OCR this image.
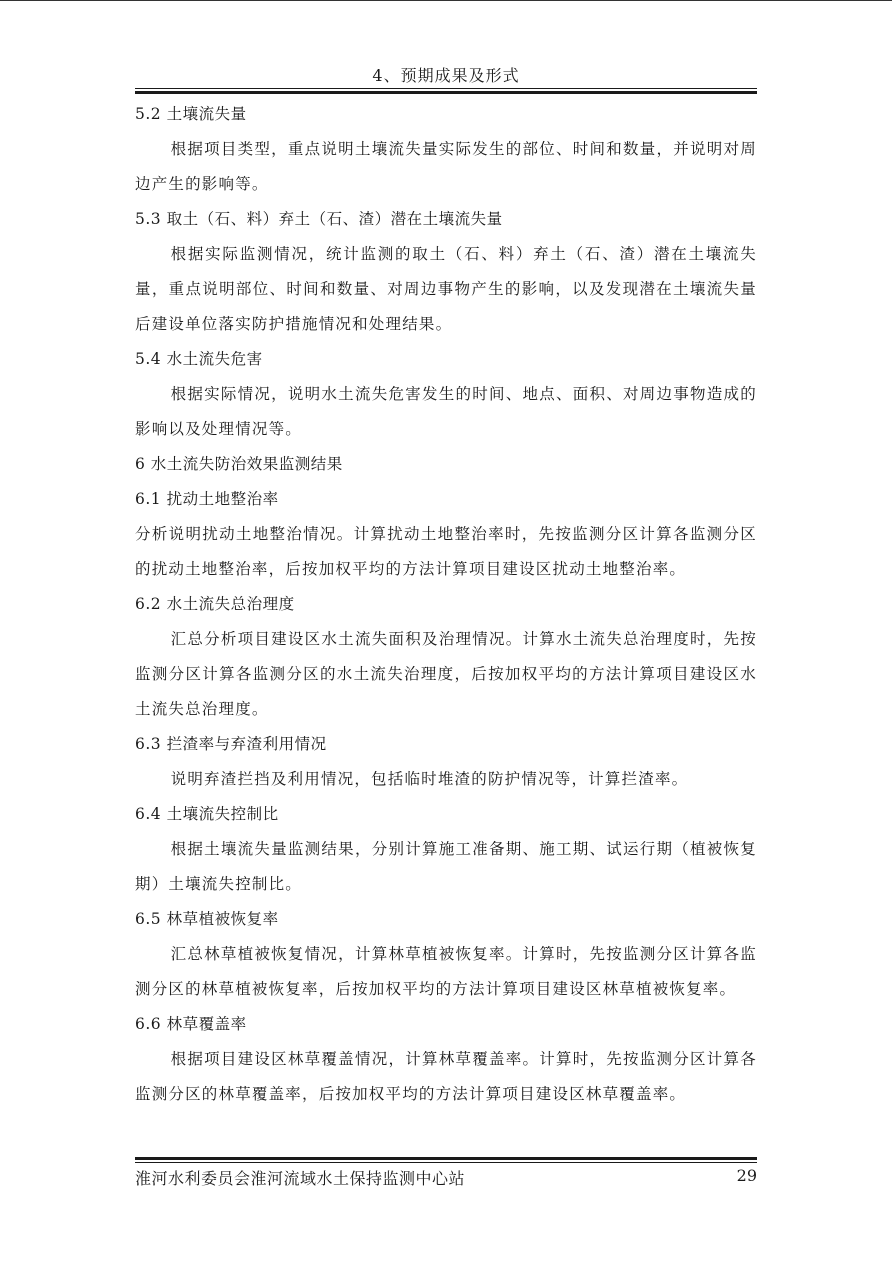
4、预期成果及形式
5.2 土壤流失量
根据项目类型，重点说明土壤流失量实际发生的部位、时间和数量，并说明对周边产生的影响等。
5.3 取土（石、料）弃土（石、渣）潜在土壤流失量
根据实际监测情况，统计监测的取土（石、料）弃土（石、渣）潜在土壤流失量，重点说明部位、时间和数量、对周边事物产生的影响，以及发现潜在土壤流失量后建设单位落实防护措施情况和处理结果。
5.4 水土流失危害
根据实际情况，说明水土流失危害发生的时间、地点、面积、对周边事物造成的影响以及处理情况等。
6 水土流失防治效果监测结果
6.1 扰动土地整治率
分析说明扰动土地整治情况。计算扰动土地整治率时，先按监测分区计算各监测分区的扰动土地整治率，后按加权平均的方法计算项目建设区扰动土地整治率。
6.2 水土流失总治理度
汇总分析项目建设区水土流失面积及治理情况。计算水土流失总治理度时，先按监测分区计算各监测分区的水土流失治理度，后按加权平均的方法计算项目建设区水土流失总治理度。
6.3 拦渣率与弃渣利用情况
说明弃渣拦挡及利用情况，包括临时堆渣的防护情况等，计算拦渣率。
6.4 土壤流失控制比
根据土壤流失量监测结果，分别计算施工准备期、施工期、试运行期（植被恢复期）土壤流失控制比。
6.5 林草植被恢复率
汇总林草植被恢复情况，计算林草植被恢复率。计算时，先按监测分区计算各监测分区的林草植被恢复率，后按加权平均的方法计算项目建设区林草植被恢复率。
6.6 林草覆盖率
根据项目建设区林草覆盖情况，计算林草覆盖率。计算时，先按监测分区计算各监测分区的林草覆盖率，后按加权平均的方法计算项目建设区林草覆盖率。
淮河水利委员会淮河流域水土保持监测中心站	29
